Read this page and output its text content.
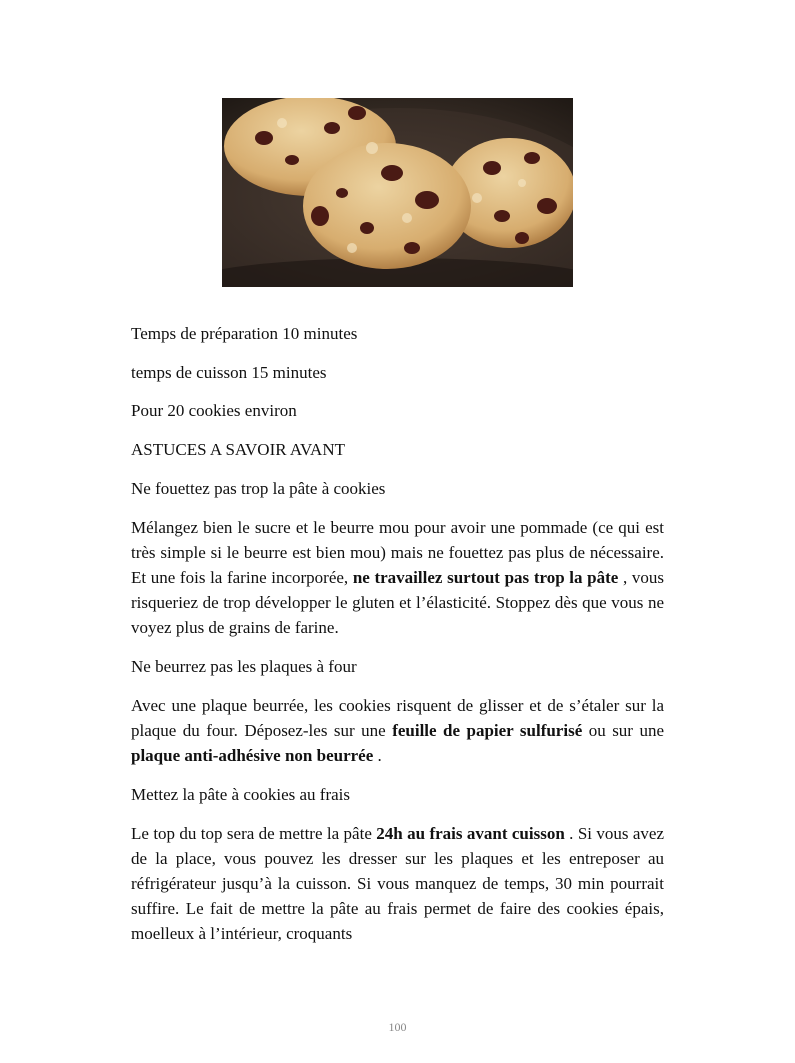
Temps de préparation 10 minutes

temps de cuisson 15 minutes

Pour 20 cookies environ

ASTUCES A SAVOIR AVANT

Ne fouettez pas trop la pâte à cookies

Mélangez bien le sucre et le beurre mou pour avoir une pommade (ce qui est très simple si le beurre est bien mou) mais ne fouettez pas plus de nécessaire. Et une fois la farine incorporée, ne travaillez surtout pas trop la pâte , vous risqueriez de trop développer le gluten et l’élasticité. Stoppez dès que vous ne voyez plus de grains de farine.

Ne beurrez pas les plaques à four

Avec une plaque beurrée, les cookies risquent de glisser et de s’étaler sur la plaque du four. Déposez-les sur une feuille de papier sulfurisé ou sur une plaque anti-adhésive non beurrée .

Mettez la pâte à cookies au frais

Le top du top sera de mettre la pâte 24h au frais avant cuisson . Si vous avez de la place, vous pouvez les dresser sur les plaques et les entreposer au réfrigérateur jusqu’à la cuisson. Si vous manquez de temps, 30 min pourrait suffire. Le fait de mettre la pâte au frais permet de faire des cookies épais, moelleux à l’intérieur, croquants

100
